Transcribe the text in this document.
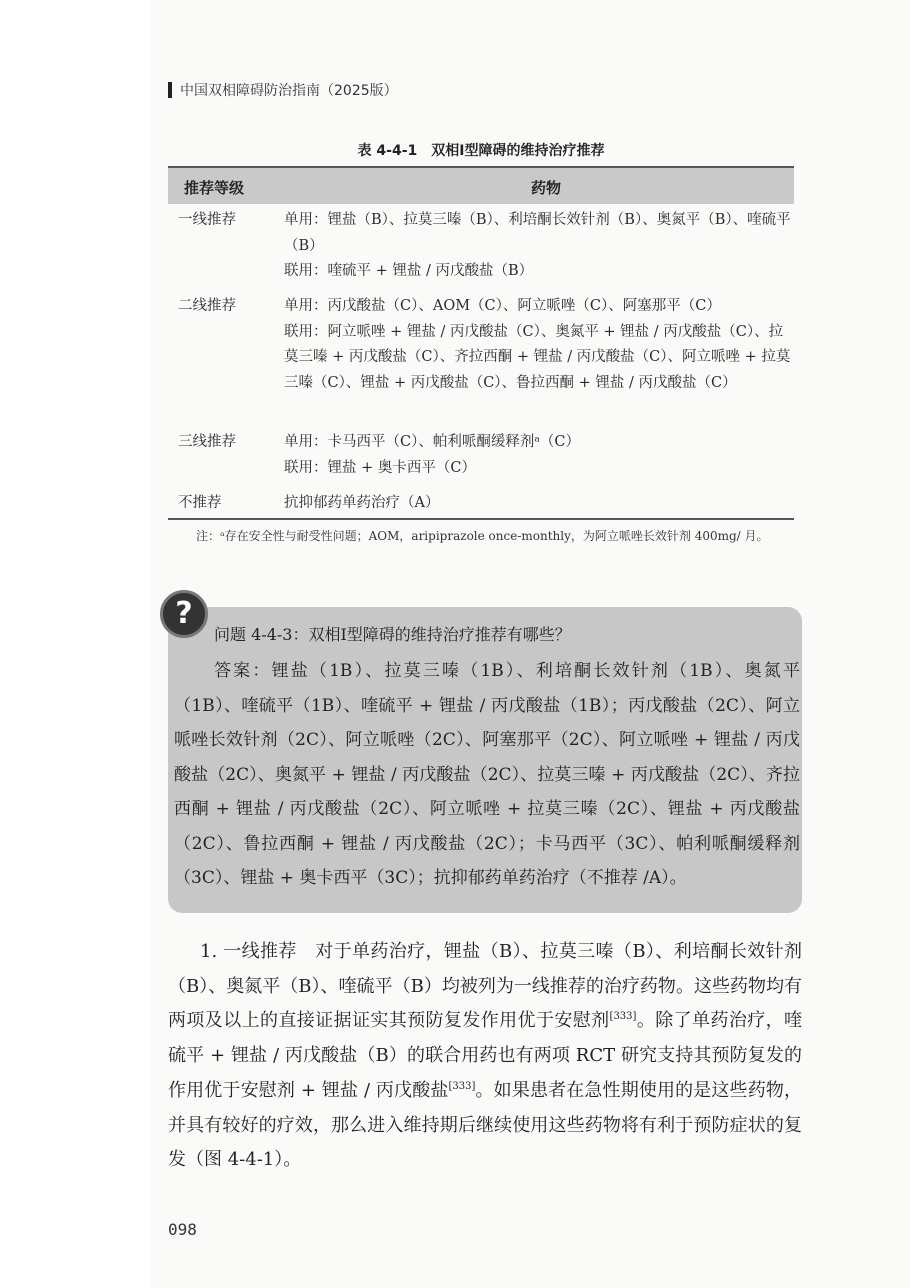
中国双相障碍防治指南（2025版）
表 4-4-1　双相Ⅰ型障碍的维持治疗推荐
推荐等级	药物
一线推荐	单用：锂盐（B）、拉莫三嗪（B）、利培酮长效针剂（B）、奥氮平（B）、喹硫平（B）
联用：喹硫平 + 锂盐 / 丙戊酸盐（B）
二线推荐	单用：丙戊酸盐（C）、AOM（C）、阿立哌唑（C）、阿塞那平（C）
联用：阿立哌唑 + 锂盐 / 丙戊酸盐（C）、奥氮平 + 锂盐 / 丙戊酸盐（C）、拉莫三嗪 + 丙戊酸盐（C）、齐拉西酮 + 锂盐 / 丙戊酸盐（C）、阿立哌唑 + 拉莫三嗪（C）、锂盐 + 丙戊酸盐（C）、鲁拉西酮 + 锂盐 / 丙戊酸盐（C）
三线推荐	单用：卡马西平（C）、帕利哌酮缓释剂ᵃ（C）
联用：锂盐 + 奥卡西平（C）
不推荐	抗抑郁药单药治疗（A）
注：ᵃ存在安全性与耐受性问题；AOM，aripiprazole once-monthly，为阿立哌唑长效针剂 400mg/ 月。
?
问题 4-4-3：双相Ⅰ型障碍的维持治疗推荐有哪些？
答案：锂盐（1B）、拉莫三嗪（1B）、利培酮长效针剂（1B）、奥氮平（1B）、喹硫平（1B）、喹硫平 + 锂盐 / 丙戊酸盐（1B）；丙戊酸盐（2C）、阿立哌唑长效针剂（2C）、阿立哌唑（2C）、阿塞那平（2C）、阿立哌唑 + 锂盐 / 丙戊酸盐（2C）、奥氮平 + 锂盐 / 丙戊酸盐（2C）、拉莫三嗪 + 丙戊酸盐（2C）、齐拉西酮 + 锂盐 / 丙戊酸盐（2C）、阿立哌唑 + 拉莫三嗪（2C）、锂盐 + 丙戊酸盐（2C）、鲁拉西酮 + 锂盐 / 丙戊酸盐（2C）；卡马西平（3C）、帕利哌酮缓释剂（3C）、锂盐 + 奥卡西平（3C）；抗抑郁药单药治疗（不推荐 /A）。
1. 一线推荐　对于单药治疗，锂盐（B）、拉莫三嗪（B）、利培酮长效针剂（B）、奥氮平（B）、喹硫平（B）均被列为一线推荐的治疗药物。这些药物均有两项及以上的直接证据证实其预防复发作用优于安慰剂[333]。除了单药治疗，喹硫平 + 锂盐 / 丙戊酸盐（B）的联合用药也有两项 RCT 研究支持其预防复发的作用优于安慰剂 + 锂盐 / 丙戊酸盐[333]。如果患者在急性期使用的是这些药物，并具有较好的疗效，那么进入维持期后继续使用这些药物将有利于预防症状的复发（图 4-4-1）。
098
